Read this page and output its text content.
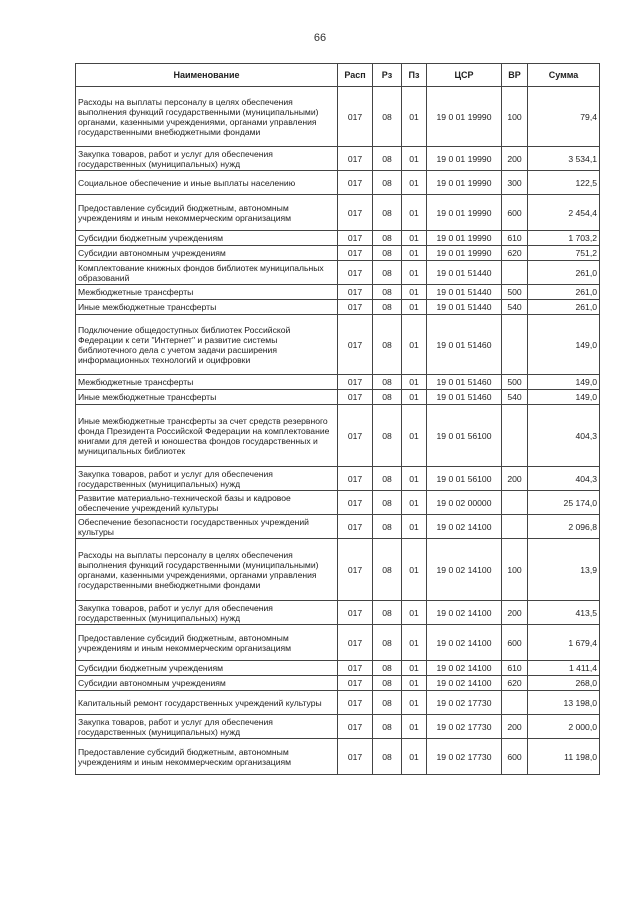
66
Наименование	Расп	Рз	Пз	ЦСР	ВР	Сумма
Расходы на выплаты персоналу в целях обеспечения выполнения функций государственными (муниципальными) органами, казенными учреждениями, органами управления государственными внебюджетными фондами	017	08	01	19 0 01 19990	100	79,4
Закупка товаров, работ и услуг для обеспечения государственных (муниципальных) нужд	017	08	01	19 0 01 19990	200	3 534,1
Социальное обеспечение и иные выплаты населению	017	08	01	19 0 01 19990	300	122,5
Предоставление субсидий бюджетным, автономным учреждениям и иным некоммерческим организациям	017	08	01	19 0 01 19990	600	2 454,4
Субсидии бюджетным учреждениям	017	08	01	19 0 01 19990	610	1 703,2
Субсидии автономным учреждениям	017	08	01	19 0 01 19990	620	751,2
Комплектование книжных фондов библиотек муниципальных образований	017	08	01	19 0 01 51440		261,0
Межбюджетные трансферты	017	08	01	19 0 01 51440	500	261,0
Иные межбюджетные трансферты	017	08	01	19 0 01 51440	540	261,0
Подключение общедоступных библиотек Российской Федерации к сети "Интернет" и развитие системы библиотечного дела с учетом задачи расширения информационных технологий и оцифровки	017	08	01	19 0 01 51460		149,0
Межбюджетные трансферты	017	08	01	19 0 01 51460	500	149,0
Иные межбюджетные трансферты	017	08	01	19 0 01 51460	540	149,0
Иные межбюджетные трансферты за счет средств резервного фонда Президента Российской Федерации на комплектование книгами для детей и юношества фондов государственных и муниципальных библиотек	017	08	01	19 0 01 56100		404,3
Закупка товаров, работ и услуг для обеспечения государственных (муниципальных) нужд	017	08	01	19 0 01 56100	200	404,3
Развитие материально-технической базы и кадровое обеспечение учреждений культуры	017	08	01	19 0 02 00000		25 174,0
Обеспечение безопасности государственных учреждений культуры	017	08	01	19 0 02 14100		2 096,8
Расходы на выплаты персоналу в целях обеспечения выполнения функций государственными (муниципальными) органами, казенными учреждениями, органами управления государственными внебюджетными фондами	017	08	01	19 0 02 14100	100	13,9
Закупка товаров, работ и услуг для обеспечения государственных (муниципальных) нужд	017	08	01	19 0 02 14100	200	413,5
Предоставление субсидий бюджетным, автономным учреждениям и иным некоммерческим организациям	017	08	01	19 0 02 14100	600	1 679,4
Субсидии бюджетным учреждениям	017	08	01	19 0 02 14100	610	1 411,4
Субсидии автономным учреждениям	017	08	01	19 0 02 14100	620	268,0
Капитальный ремонт государственных учреждений культуры	017	08	01	19 0 02 17730		13 198,0
Закупка товаров, работ и услуг для обеспечения государственных (муниципальных) нужд	017	08	01	19 0 02 17730	200	2 000,0
Предоставление субсидий бюджетным, автономным учреждениям и иным некоммерческим организациям	017	08	01	19 0 02 17730	600	11 198,0
